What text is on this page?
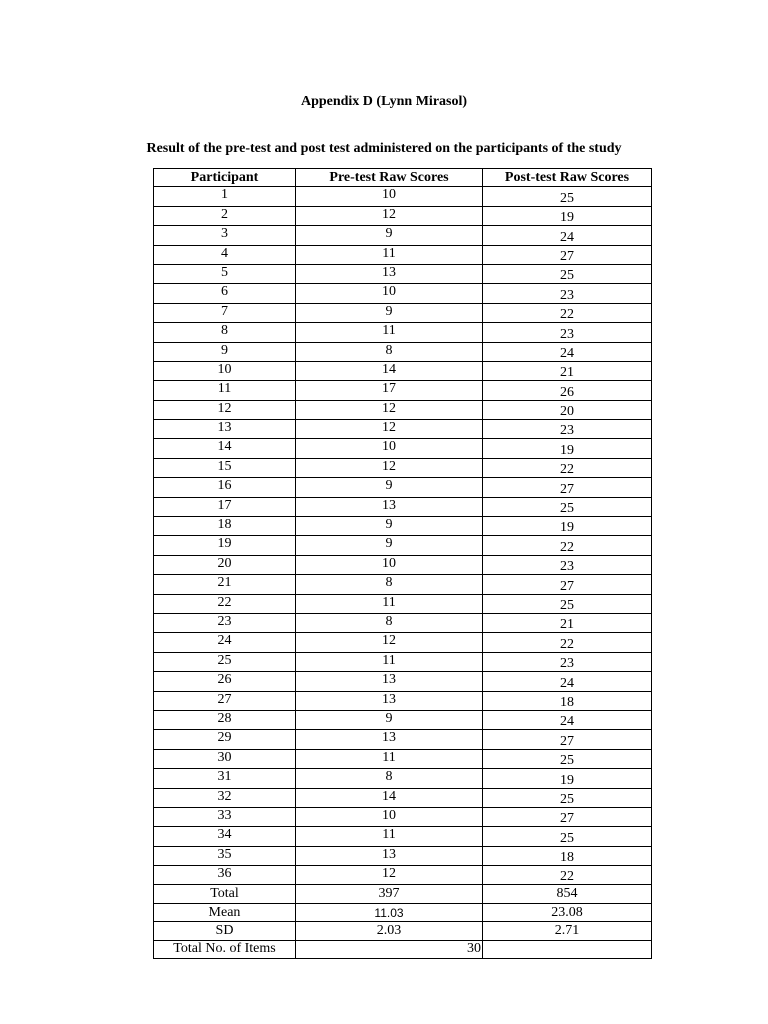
Appendix D (Lynn Mirasol)
Result of the pre-test and post test administered on the participants of the study
Participant	Pre-test Raw Scores	Post-test Raw Scores
1	10	25
2	12	19
3	9	24
4	11	27
5	13	25
6	10	23
7	9	22
8	11	23
9	8	24
10	14	21
11	17	26
12	12	20
13	12	23
14	10	19
15	12	22
16	9	27
17	13	25
18	9	19
19	9	22
20	10	23
21	8	27
22	11	25
23	8	21
24	12	22
25	11	23
26	13	24
27	13	18
28	9	24
29	13	27
30	11	25
31	8	19
32	14	25
33	10	27
34	11	25
35	13	18
36	12	22
Total	397	854
Mean	11.03	23.08
SD	2.03	2.71
Total No. of Items	30	
